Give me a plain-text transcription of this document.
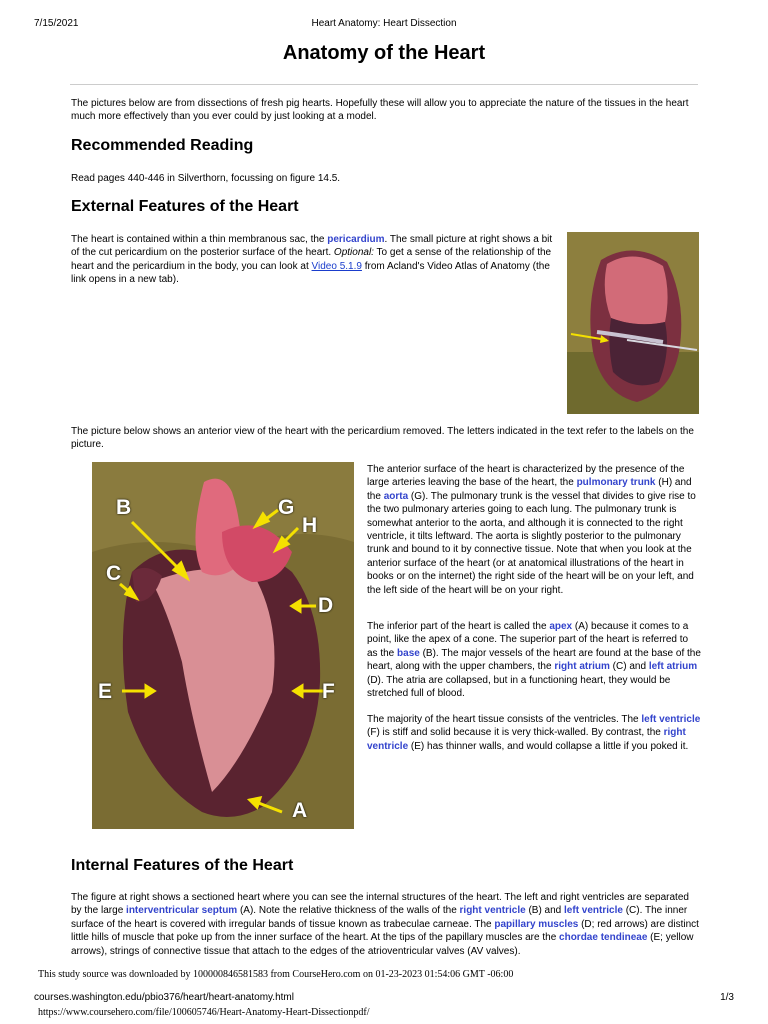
7/15/2021	Heart Anatomy: Heart Dissection
Anatomy of the Heart
The pictures below are from dissections of fresh pig hearts. Hopefully these will allow you to appreciate the nature of the tissues in the heart much more effectively than you ever could by just looking at a model.
Recommended Reading
Read pages 440-446 in Silverthorn, focussing on figure 14.5.
External Features of the Heart
The heart is contained within a thin membranous sac, the pericardium. The small picture at right shows a bit of the cut pericardium on the posterior surface of the heart. Optional: To get a sense of the relationship of the heart and the pericardium in the body, you can look at Video 5.1.9 from Acland's Video Atlas of Anatomy (the link opens in a new tab).
The picture below shows an anterior view of the heart with the pericardium removed. The letters indicated in the text refer to the labels on the picture.
A
B
C
D
E	F
G
H
The anterior surface of the heart is characterized by the presence of the large arteries leaving the base of the heart, the pulmonary trunk (H) and the aorta (G). The pulmonary trunk is the vessel that divides to give rise to the two pulmonary arteries going to each lung. The pulmonary trunk is somewhat anterior to the aorta, and although it is connected to the right ventricle, it tilts leftward. The aorta is slightly posterior to the pulmonary trunk and bound to it by connective tissue. Note that when you look at the anterior surface of the heart (or at anatomical illustrations of the heart in books or on the internet) the right side of the heart will be on your left, and the left side of the heart will be on your right.
The inferior part of the heart is called the apex (A) because it comes to a point, like the apex of a cone. The superior part of the heart is referred to as the base (B). The major vessels of the heart are found at the base of the heart, along with the upper chambers, the right atrium (C) and left atrium (D). The atria are collapsed, but in a functioning heart, they would be stretched full of blood.
The majority of the heart tissue consists of the ventricles. The left ventricle (F) is stiff and solid because it is very thick-walled. By contrast, the right ventricle (E) has thinner walls, and would collapse a little if you poked it.
Internal Features of the Heart
The figure at right shows a sectioned heart where you can see the internal structures of the heart. The left and right ventricles are separated by the large interventricular septum (A). Note the relative thickness of the walls of the right ventricle (B) and left ventricle (C). The inner surface of the heart is covered with irregular bands of tissue known as trabeculae carneae. The papillary muscles (D; red arrows) are distinct little hills of muscle that poke up from the inner surface of the heart. At the tips of the papillary muscles are the chordae tendineae (E; yellow arrows), strings of connective tissue that attach to the edges of the atrioventricular valves (AV valves).
This study source was downloaded by 100000846581583 from CourseHero.com on 01-23-2023 01:54:06 GMT -06:00
courses.washington.edu/pbio376/heart/heart-anatomy.html	1/3
https://www.coursehero.com/file/100605746/Heart-Anatomy-Heart-Dissectionpdf/
